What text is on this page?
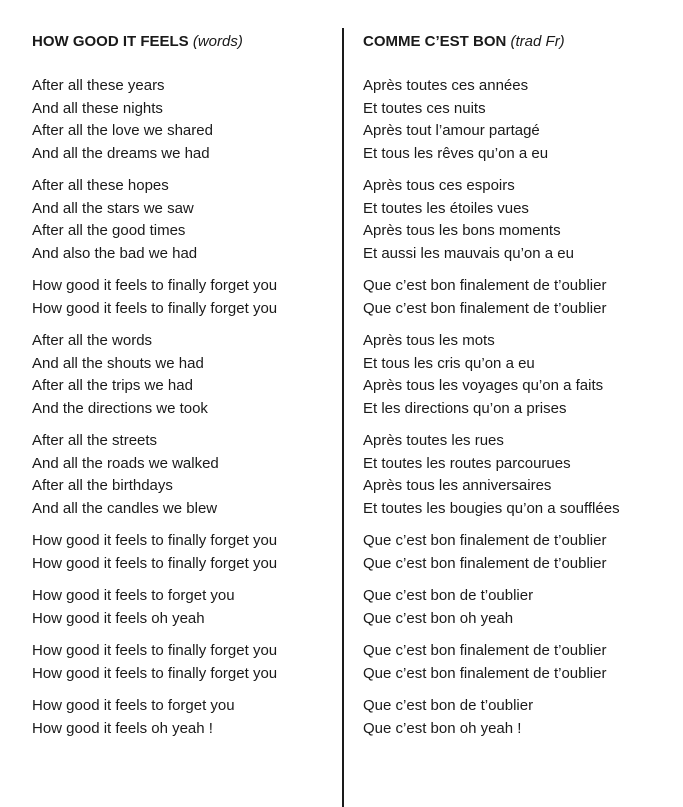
HOW GOOD IT FEELS (words)
After all these years
And all these nights
After all the love we shared
And all the dreams we had
After all these hopes
And all the stars we saw
After all the good times
And also the bad we had
How good it feels to finally forget you
How good it feels to finally forget you
After all the words
And all the shouts we had
After all the trips we had
And the directions we took
After all the streets
And all the roads we walked
After all the birthdays
And all the candles we blew
How good it feels to finally forget you
How good it feels to finally forget you
How good it feels to forget you
How good it feels oh yeah
How good it feels to finally forget you
How good it feels to finally forget you
How good it feels to forget you
How good it feels oh yeah !
COMME C’EST BON (trad Fr)
Après toutes ces années
Et toutes ces nuits
Après tout l’amour partagé
Et tous les rêves qu’on a eu
Après tous ces espoirs
Et toutes les étoiles vues
Après tous les bons moments
Et aussi les mauvais qu’on a eu
Que c’est bon finalement de t’oublier
Que c’est bon finalement de t’oublier
Après tous les mots
Et tous les cris qu’on a eu
Après tous les voyages qu’on a faits
Et les directions qu’on a prises
Après toutes les rues
Et toutes les routes parcourues
Après tous les anniversaires
Et toutes les bougies qu’on a soufflées
Que c’est bon finalement de t’oublier
Que c’est bon finalement de t’oublier
Que c’est bon de t’oublier
Que c’est bon oh yeah
Que c’est bon finalement de t’oublier
Que c’est bon finalement de t’oublier
Que c’est bon de t’oublier
Que c’est bon oh yeah !
